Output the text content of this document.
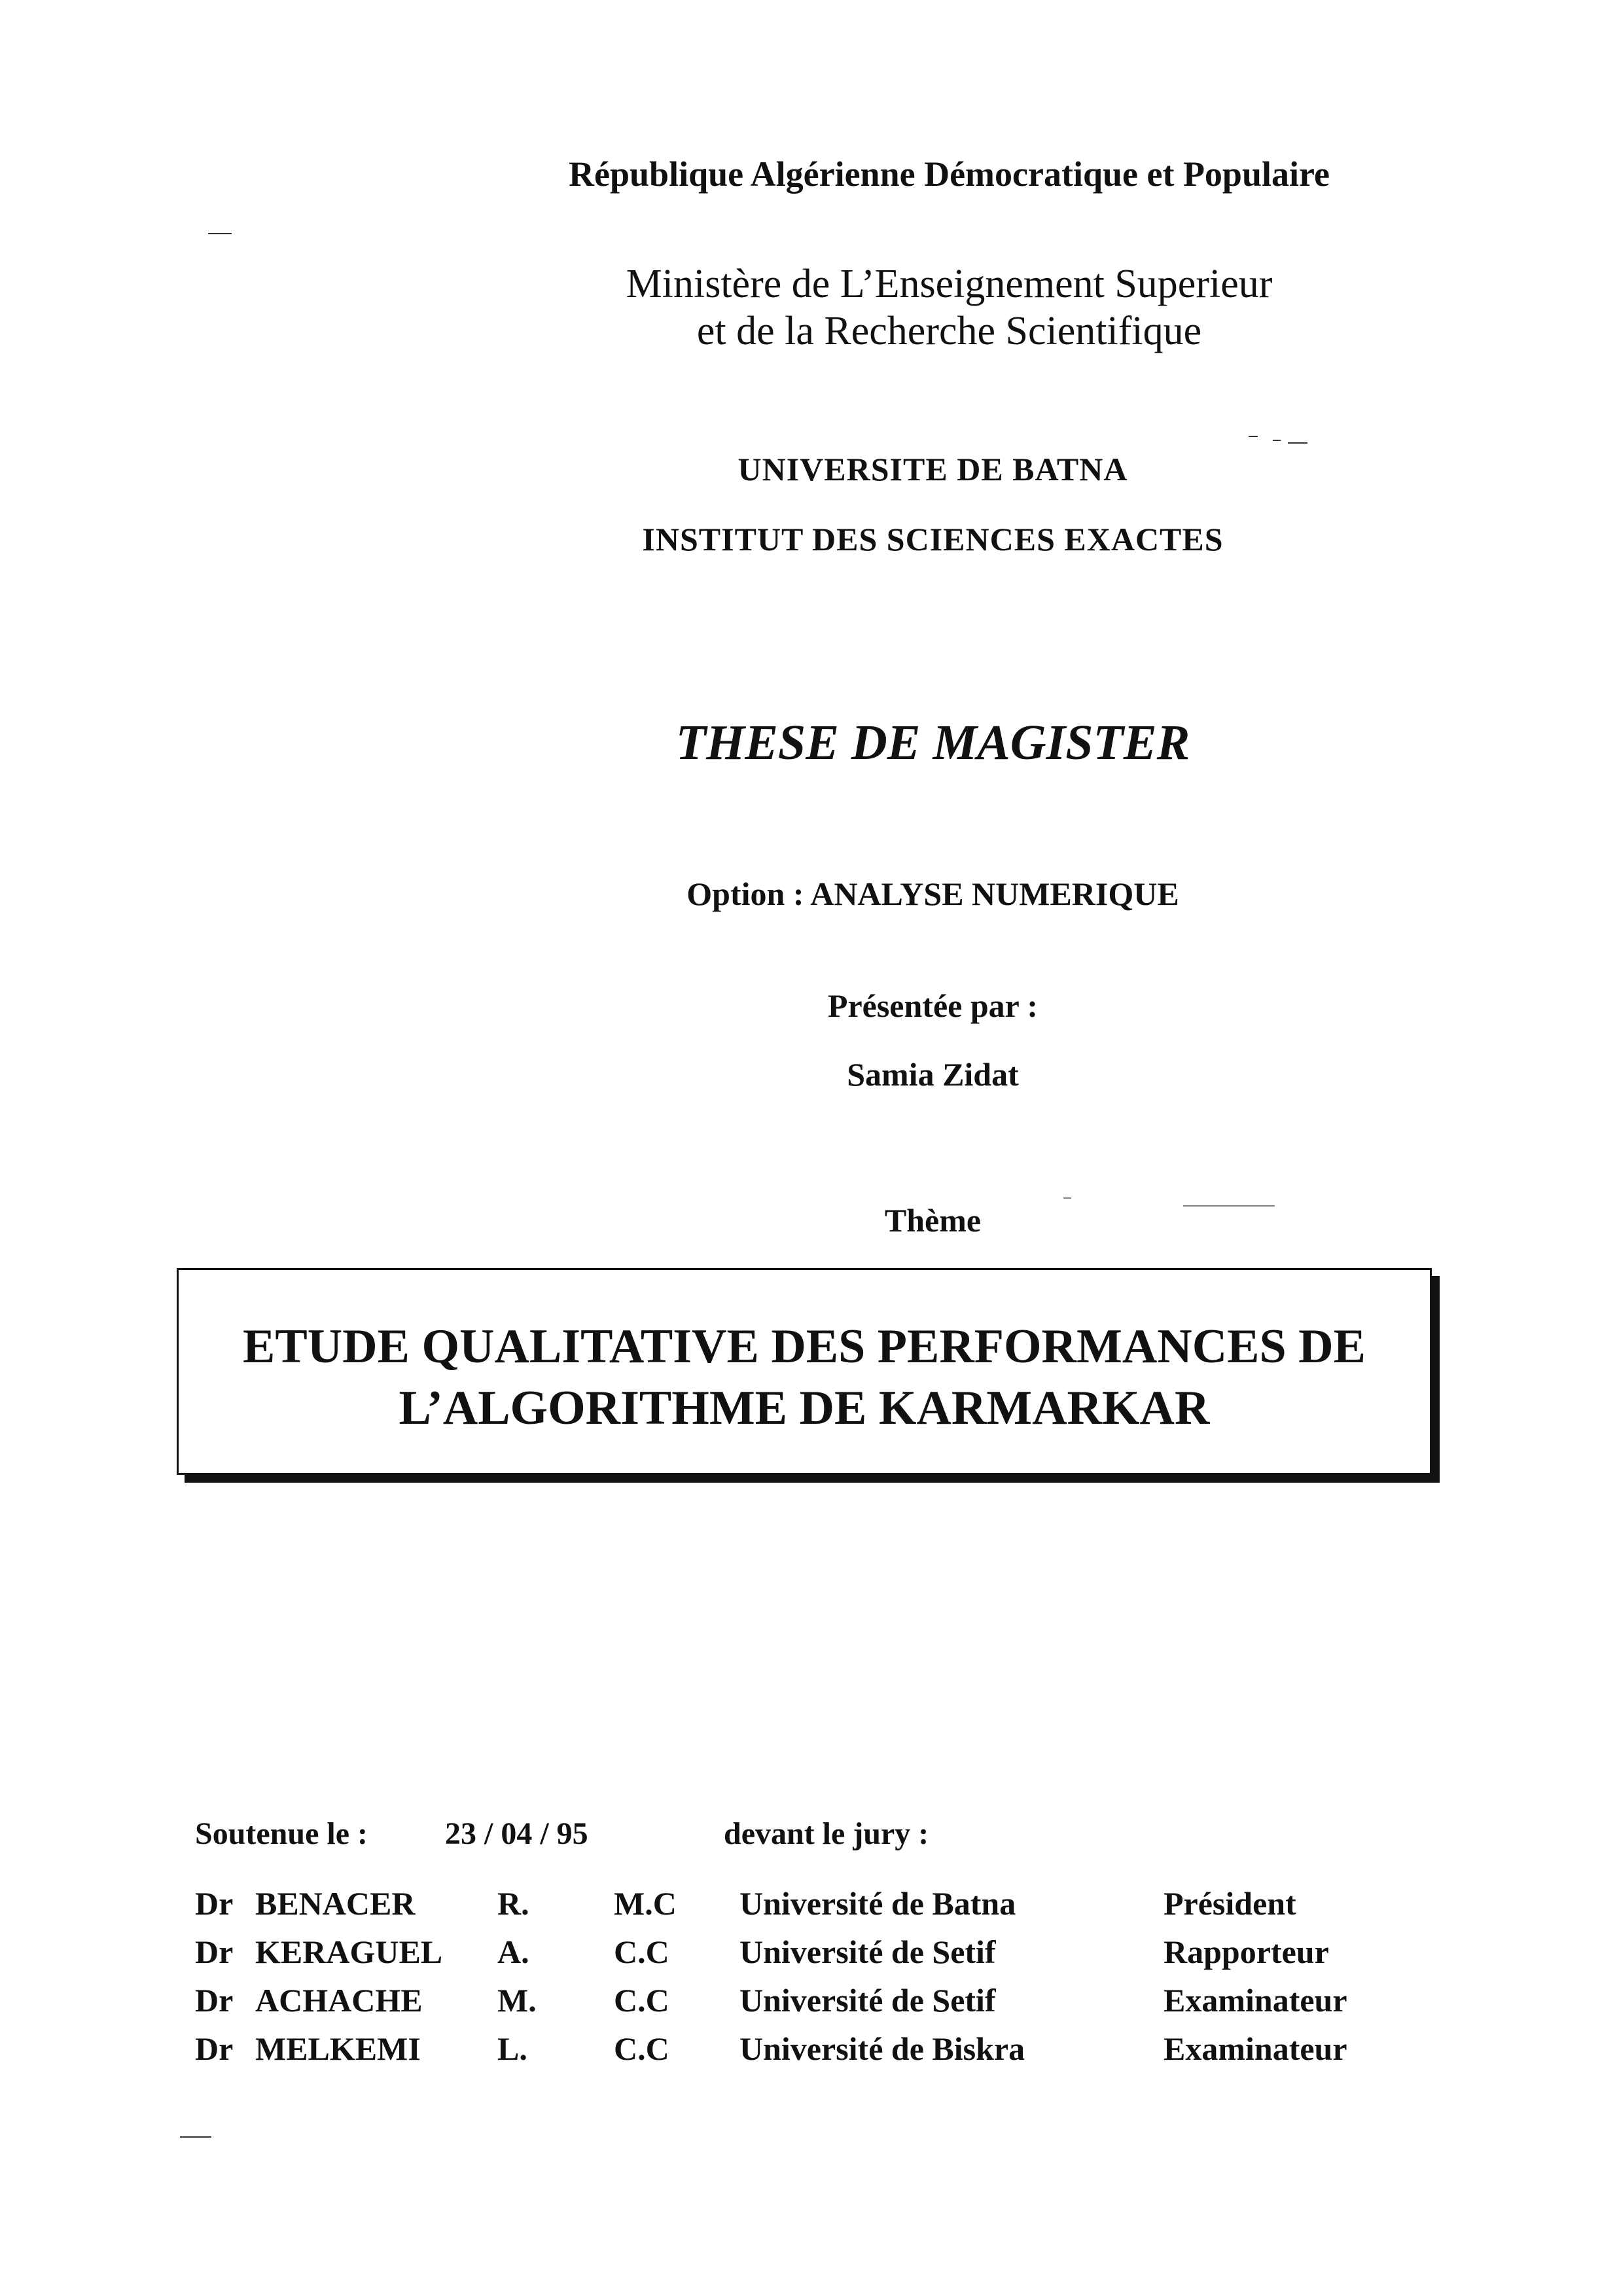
République Algérienne Démocratique et Populaire
Ministère de L’Enseignement Superieur
et de la Recherche Scientifique
UNIVERSITE DE BATNA
INSTITUT DES SCIENCES EXACTES
THESE DE MAGISTER
Option : ANALYSE NUMERIQUE
Présentée par :
Samia Zidat
Thème
ETUDE QUALITATIVE DES PERFORMANCES DE
L’ALGORITHME DE KARMARKAR
Soutenue le : 23 / 04 / 95	devant le jury :
Dr BENACER	R.	M.C Université de Batna	Président
Dr KERAGUEL A.	C.C Université de Setif	Rapporteur
Dr ACHACHE M. C.C Université de Setif	Examinateur
Dr MELKEMI L.	C.C Université de Biskra	Examinateur
